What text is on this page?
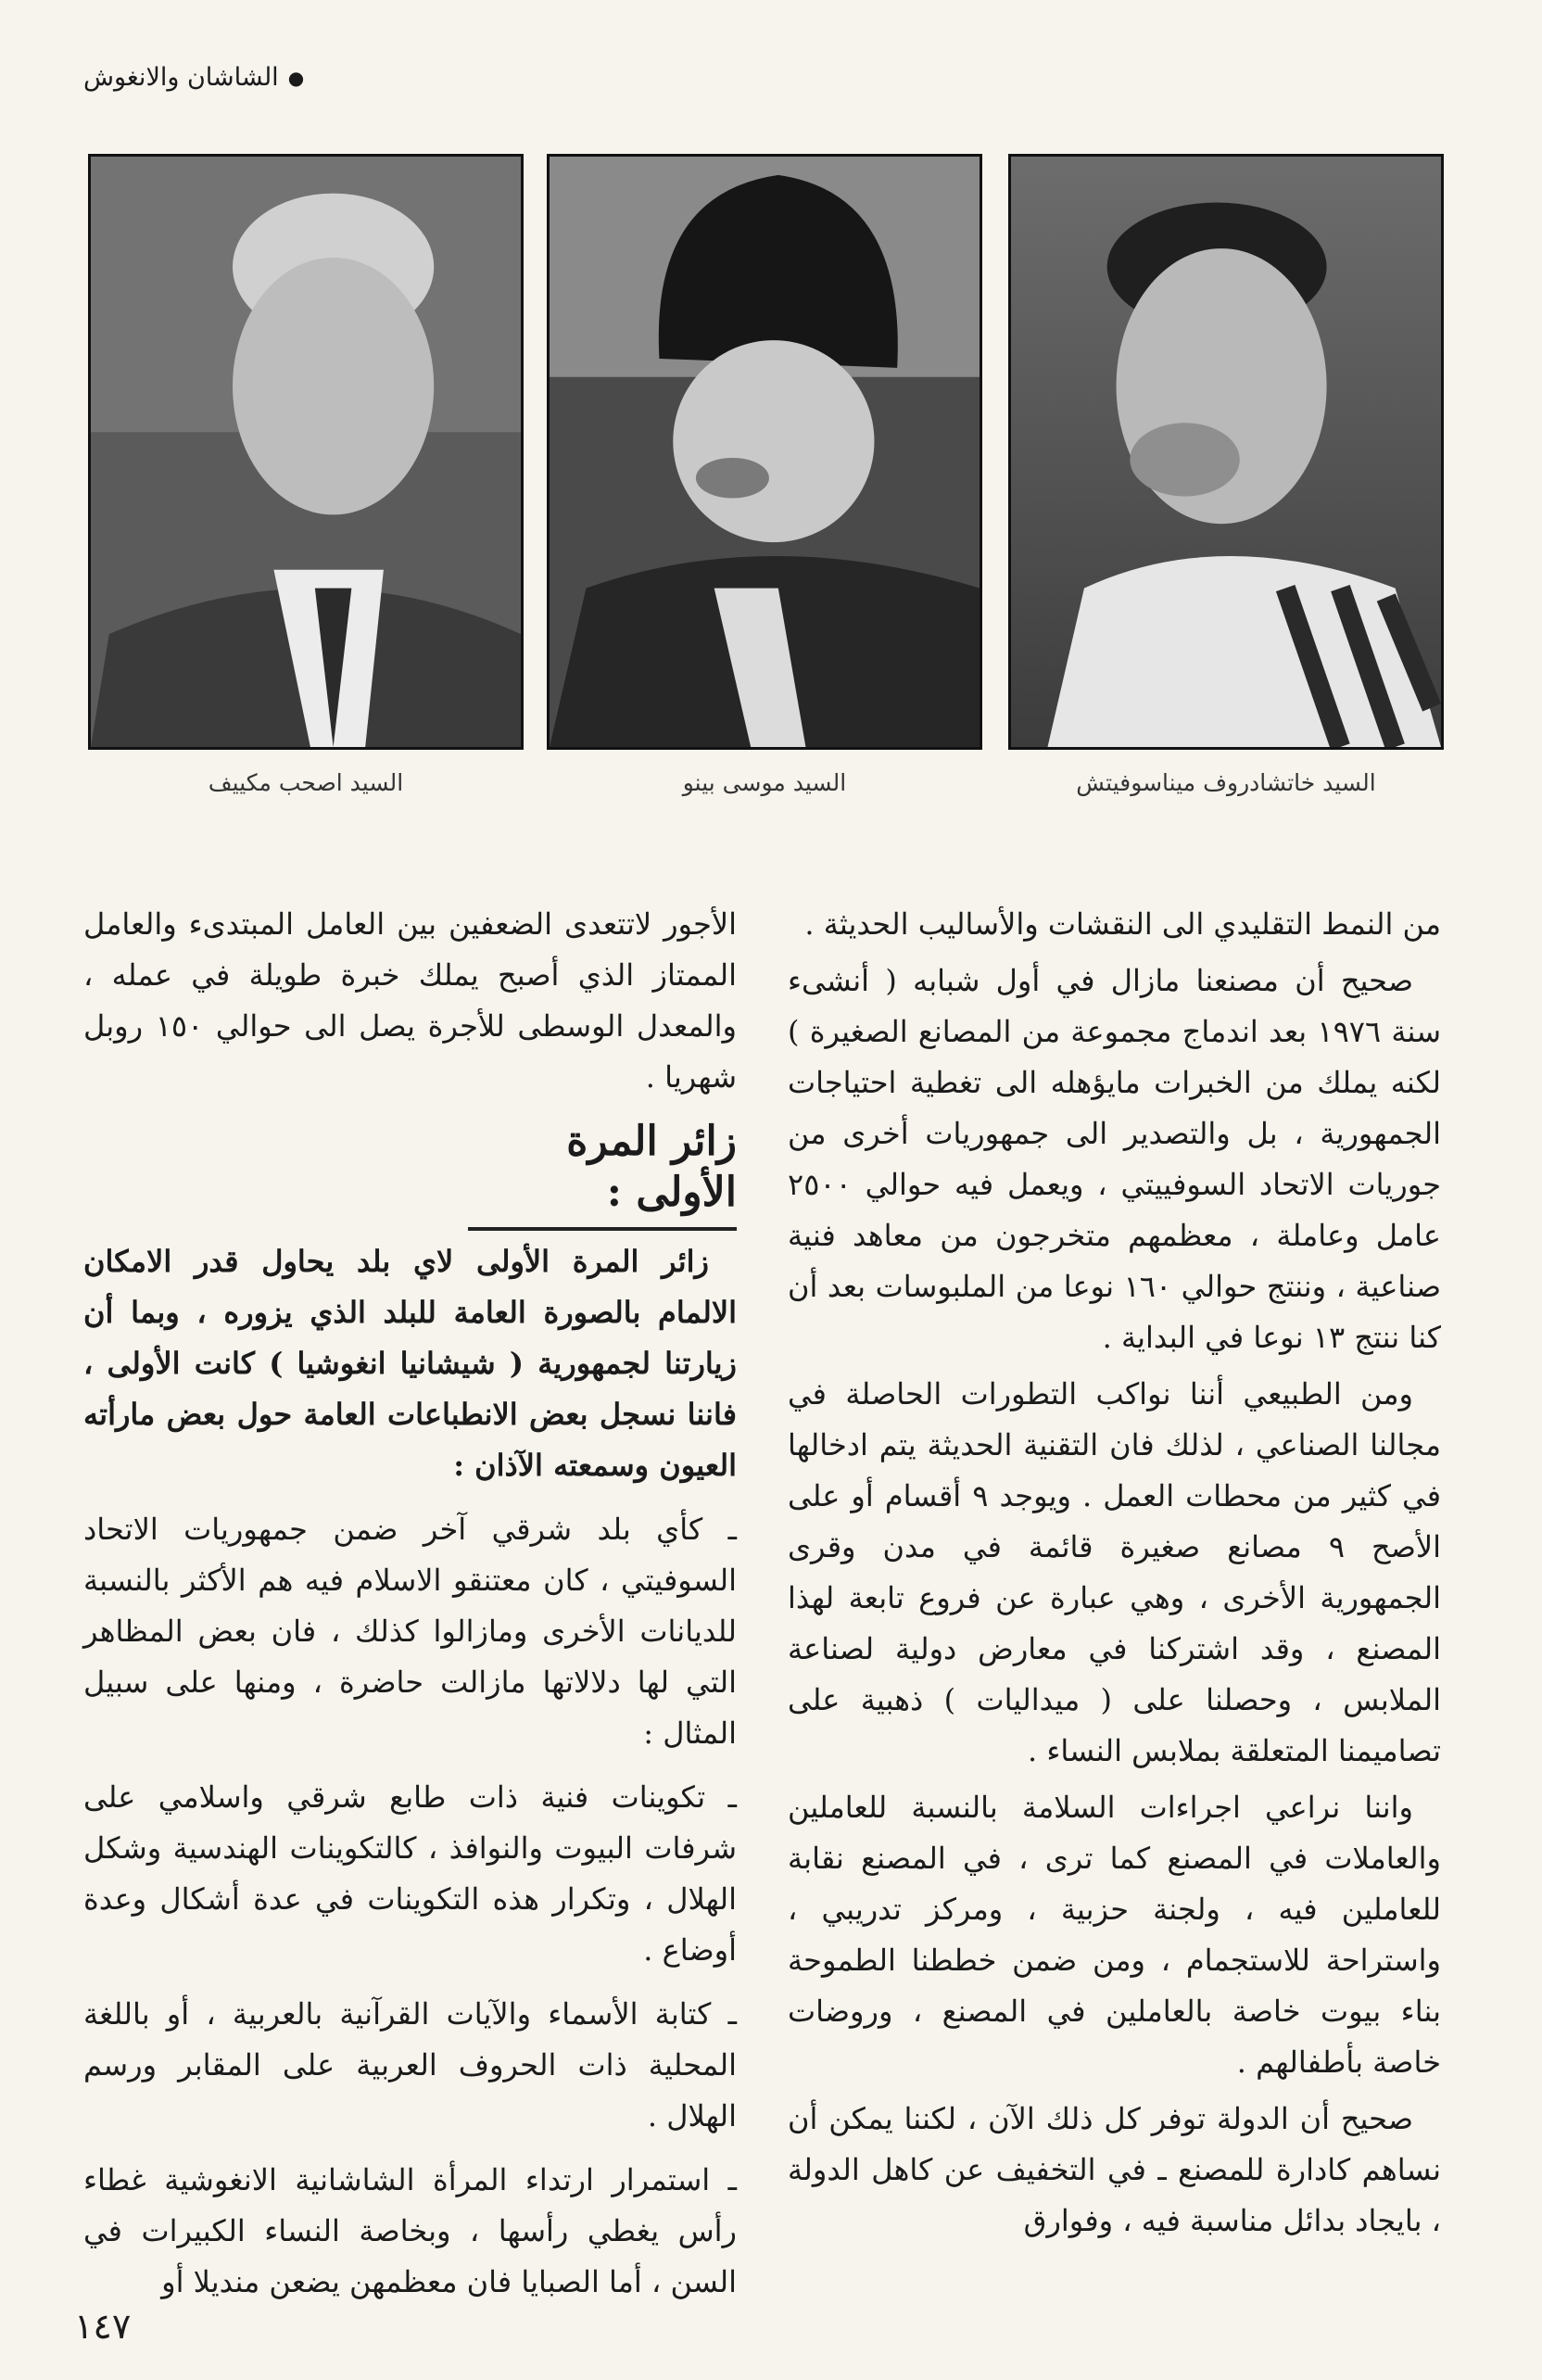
●
الشاشان والانغوش
السيد خاتشادروف ميناسوفيتش
السيد موسى بينو
السيد اصحب مكييف

من النمط التقليدي الى النقشات والأساليب الحديثة .

صحيح أن مصنعنا مازال في أول شبابه ( أنشىء سنة ١٩٧٦ بعد اندماج مجموعة من المصانع الصغيرة ) لكنه يملك من الخبرات مايؤهله الى تغطية احتياجات الجمهورية ، بل والتصدير الى جمهوريات أخرى من جوريات الاتحاد السوفييتي ، ويعمل فيه حوالي ٢٥٠٠ عامل وعاملة ، معظمهم متخرجون من معاهد فنية صناعية ، وننتج حوالي ١٦٠ نوعا من الملبوسات بعد أن كنا ننتج ١٣ نوعا في البداية .

ومن الطبيعي أننا نواكب التطورات الحاصلة في مجالنا الصناعي ، لذلك فان التقنية الحديثة يتم ادخالها في كثير من محطات العمل . ويوجد ٩ أقسام أو على الأصح ٩ مصانع صغيرة قائمة في مدن وقرى الجمهورية الأخرى ، وهي عبارة عن فروع تابعة لهذا المصنع ، وقد اشتركنا في معارض دولية لصناعة الملابس ، وحصلنا على ( ميداليات ) ذهبية على تصاميمنا المتعلقة بملابس النساء .

واننا نراعي اجراءات السلامة بالنسبة للعاملين والعاملات في المصنع كما ترى ، في المصنع نقابة للعاملين فيه ، ولجنة حزبية ، ومركز تدريبي ، واستراحة للاستجمام ، ومن ضمن خططنا الطموحة بناء بيوت خاصة بالعاملين في المصنع ، وروضات خاصة بأطفالهم .

صحيح أن الدولة توفر كل ذلك الآن ، لكننا يمكن أن نساهم كادارة للمصنع ـ في التخفيف عن كاهل الدولة ، بايجاد بدائل مناسبة فيه ، وفوارق

الأجور لاتتعدى الضعفين بين العامل المبتدىء والعامل الممتاز الذي أصبح يملك خبرة طويلة في عمله ، والمعدل الوسطى للأجرة يصل الى حوالي ١٥٠ روبل شهريا .

زائر المرة الأولى :

زائر المرة الأولى لاي بلد يحاول قدر الامكان الالمام بالصورة العامة للبلد الذي يزوره ، وبما أن زيارتنا لجمهورية ( شيشانيا انغوشيا ) كانت الأولى ، فاننا نسجل بعض الانطباعات العامة حول بعض مارأته العيون وسمعته الآذان :

ـ كأي بلد شرقي آخر ضمن جمهوريات الاتحاد السوفيتي ، كان معتنقو الاسلام فيه هم الأكثر بالنسبة للديانات الأخرى ومازالوا كذلك ، فان بعض المظاهر التي لها دلالاتها مازالت حاضرة ، ومنها على سبيل المثال :

ـ تكوينات فنية ذات طابع شرقي واسلامي على شرفات البيوت والنوافذ ، كالتكوينات الهندسية وشكل الهلال ، وتكرار هذه التكوينات في عدة أشكال وعدة أوضاع .

ـ كتابة الأسماء والآيات القرآنية بالعربية ، أو باللغة المحلية ذات الحروف العربية على المقابر ورسم الهلال .

ـ استمرار ارتداء المرأة الشاشانية الانغوشية غطاء رأس يغطي رأسها ، وبخاصة النساء الكبيرات في السن ، أما الصبايا فان معظمهن يضعن منديلا أو

١٤٧
